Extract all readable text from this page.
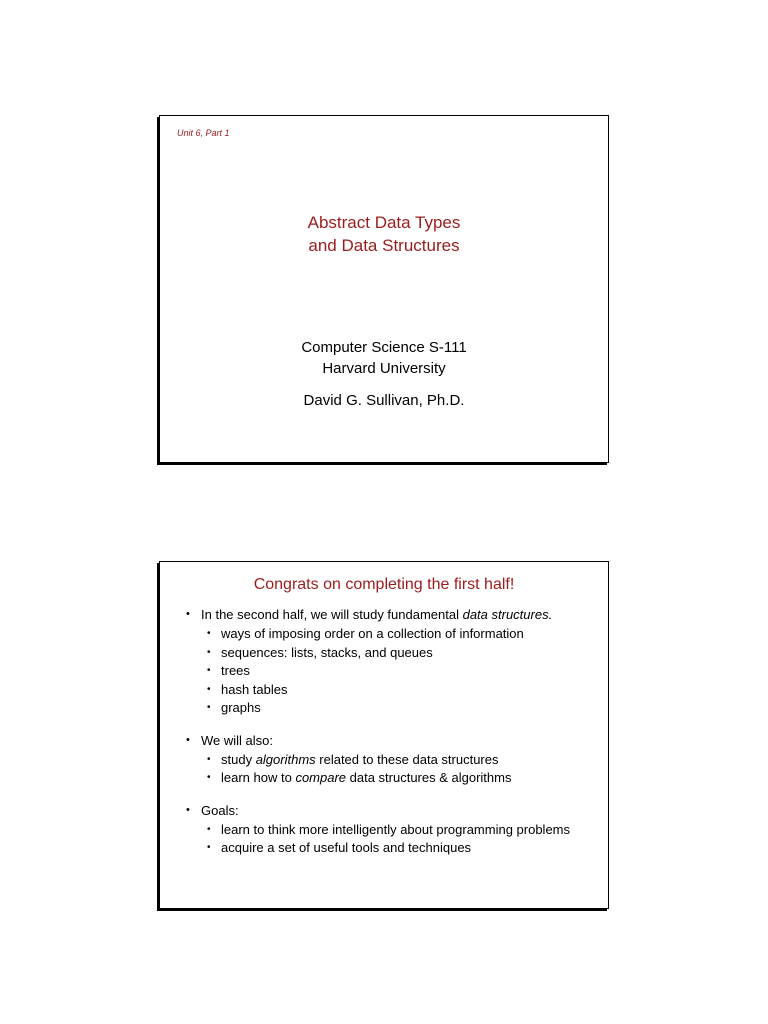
Unit 6, Part 1
Abstract Data Types
and Data Structures
Computer Science S-111
Harvard University
David G. Sullivan, Ph.D.
Congrats on completing the first half!
• In the second half, we will study fundamental data structures.
• ways of imposing order on a collection of information
• sequences: lists, stacks, and queues
• trees
• hash tables
• graphs
• We will also:
• study algorithms related to these data structures
• learn how to compare data structures & algorithms
• Goals:
• learn to think more intelligently about programming problems
• acquire a set of useful tools and techniques
